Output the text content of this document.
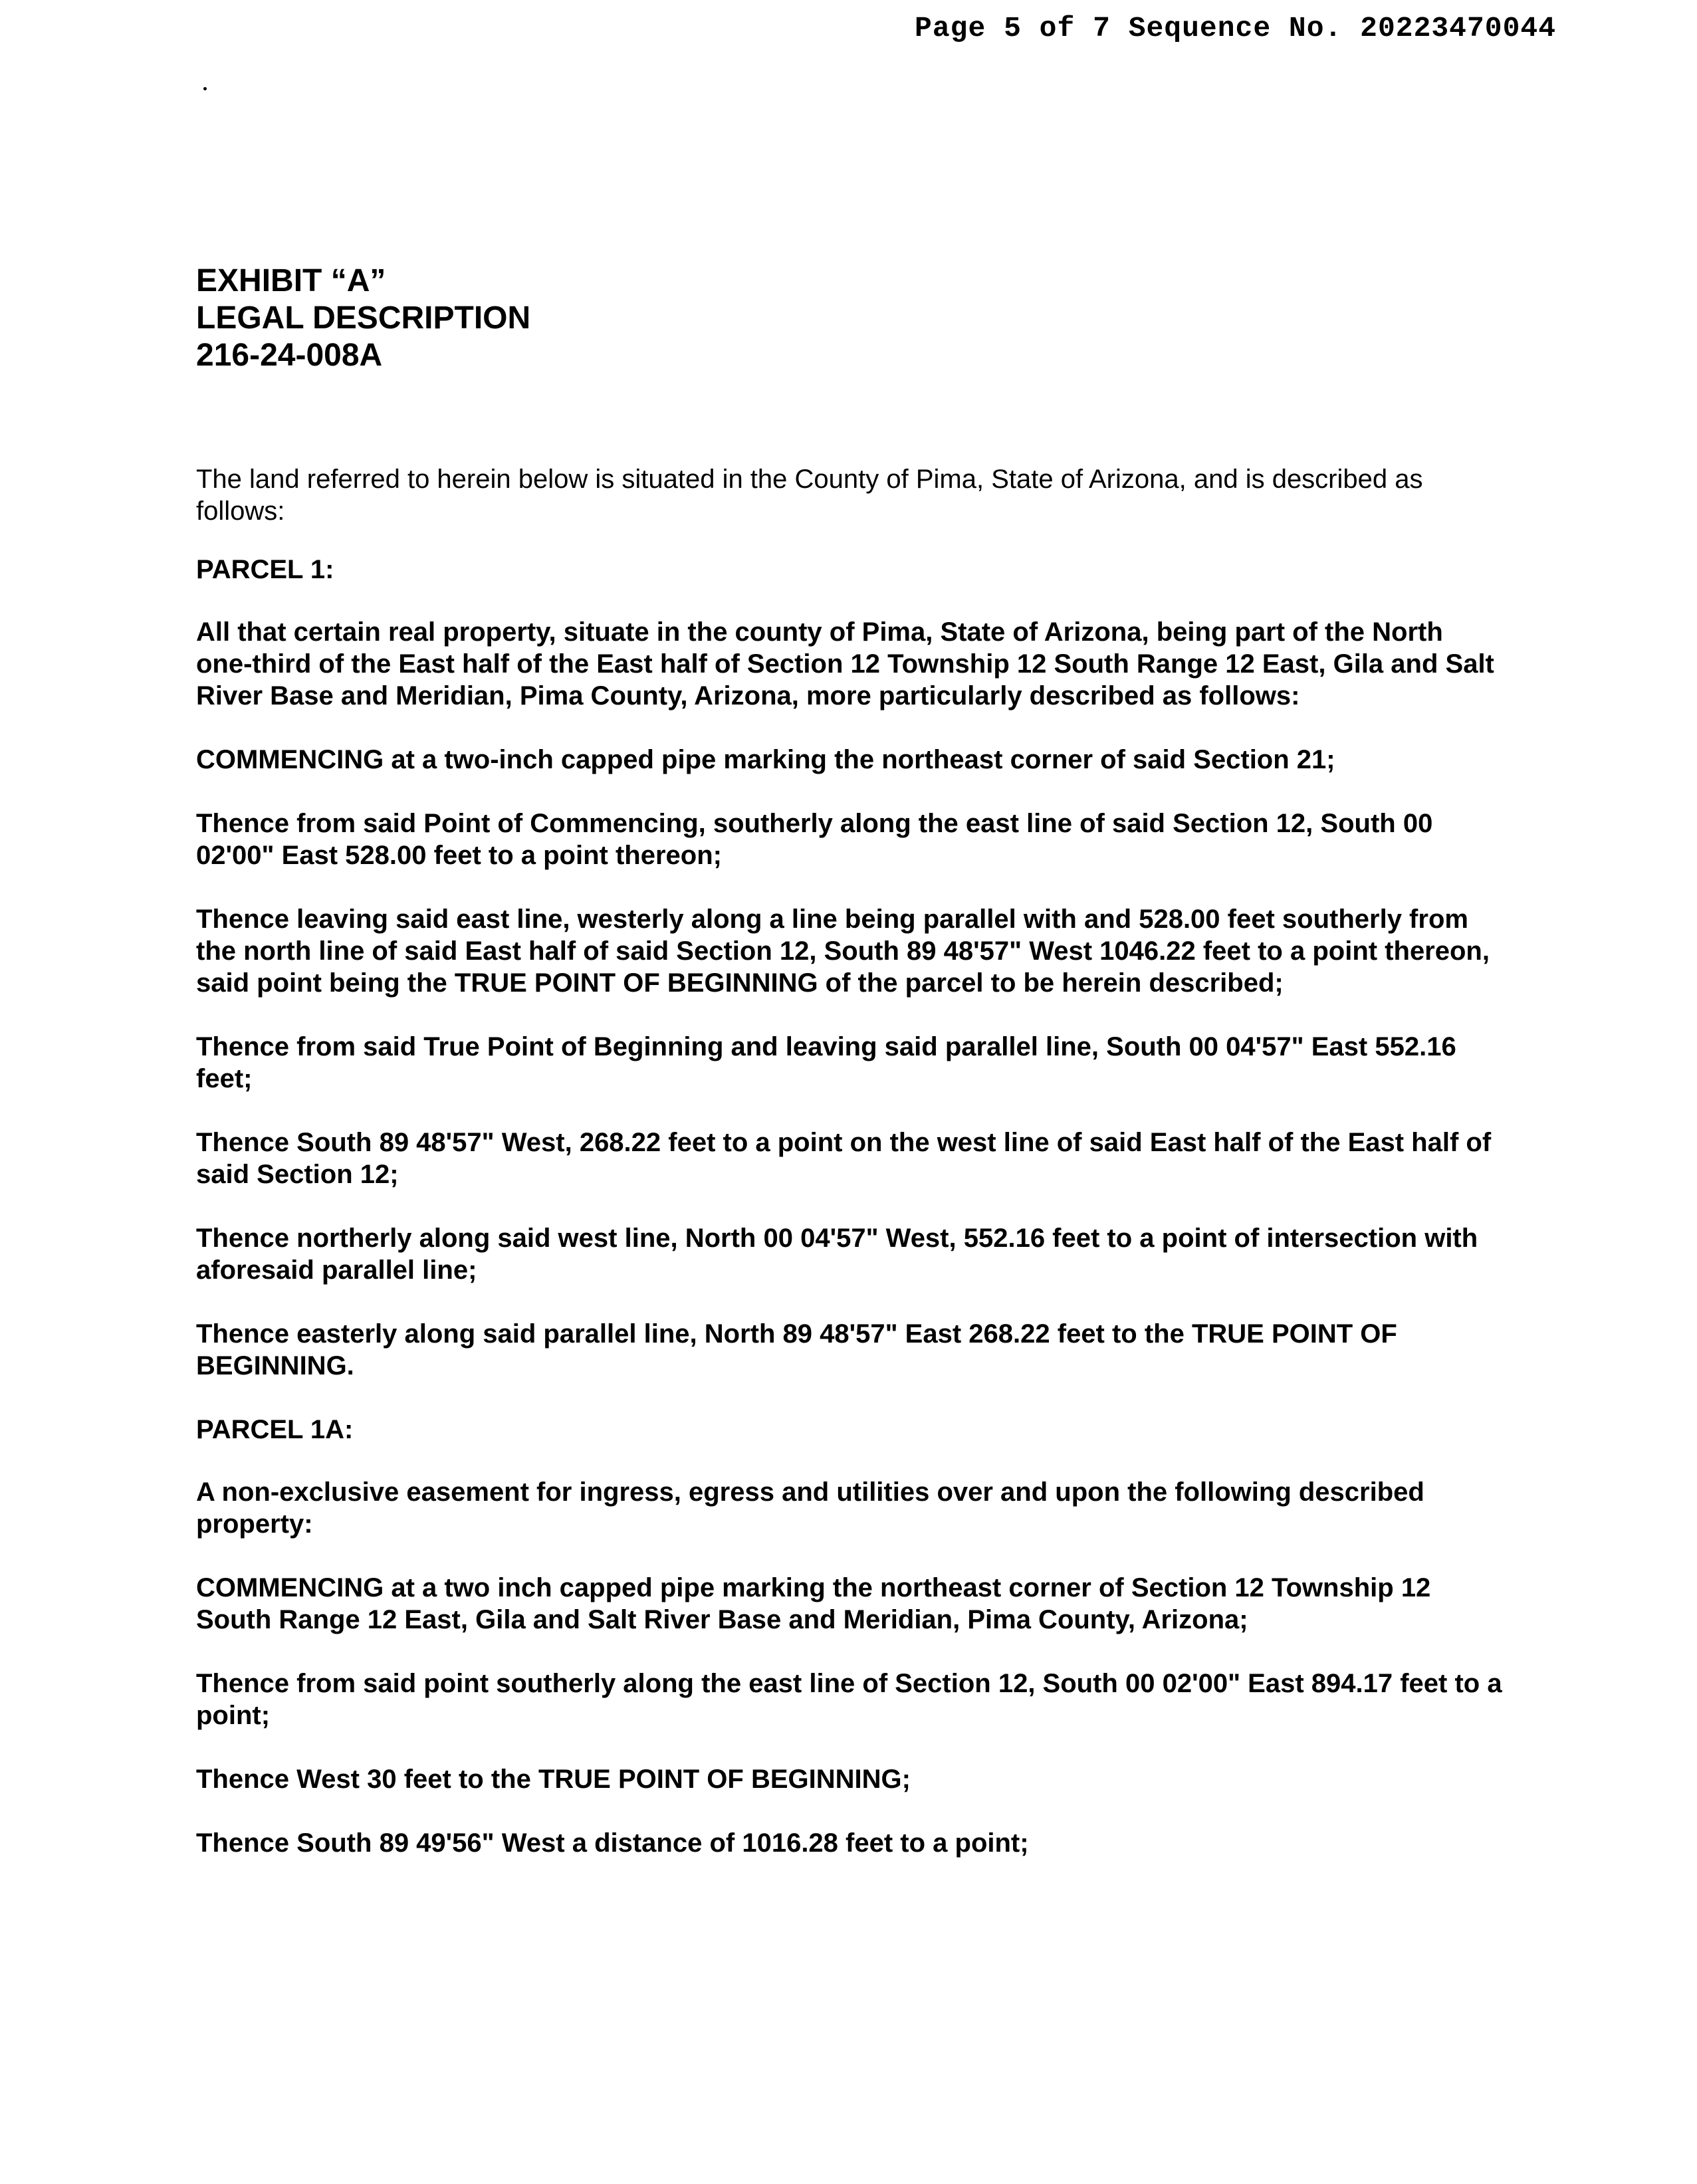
Page 5 of 7 Sequence No. 20223470044
EXHIBIT “A”
LEGAL DESCRIPTION
216-24-008A

The land referred to herein below is situated in the County of Pima, State of Arizona, and is described as follows:

PARCEL 1:

All that certain real property, situate in the county of Pima, State of Arizona, being part of the North one-third of the East half of the East half of Section 12 Township 12 South Range 12 East, Gila and Salt River Base and Meridian, Pima County, Arizona, more particularly described as follows:

COMMENCING at a two-inch capped pipe marking the northeast corner of said Section 21;

Thence from said Point of Commencing, southerly along the east line of said Section 12, South 00 02'00" East 528.00 feet to a point thereon;

Thence leaving said east line, westerly along a line being parallel with and 528.00 feet southerly from the north line of said East half of said Section 12, South 89 48'57" West 1046.22 feet to a point thereon, said point being the TRUE POINT OF BEGINNING of the parcel to be herein described;

Thence from said True Point of Beginning and leaving said parallel line, South 00 04'57" East 552.16 feet;

Thence South 89 48'57" West, 268.22 feet to a point on the west line of said East half of the East half of said Section 12;

Thence northerly along said west line, North 00 04'57" West, 552.16 feet to a point of intersection with aforesaid parallel line;

Thence easterly along said parallel line, North 89 48'57" East 268.22 feet to the TRUE POINT OF BEGINNING.

PARCEL 1A:

A non-exclusive easement for ingress, egress and utilities over and upon the following described property:

COMMENCING at a two inch capped pipe marking the northeast corner of Section 12 Township 12 South Range 12 East, Gila and Salt River Base and Meridian, Pima County, Arizona;

Thence from said point southerly along the east line of Section 12, South 00 02'00" East 894.17 feet to a point;

Thence West 30 feet to the TRUE POINT OF BEGINNING;

Thence South 89 49'56" West a distance of 1016.28 feet to a point;
